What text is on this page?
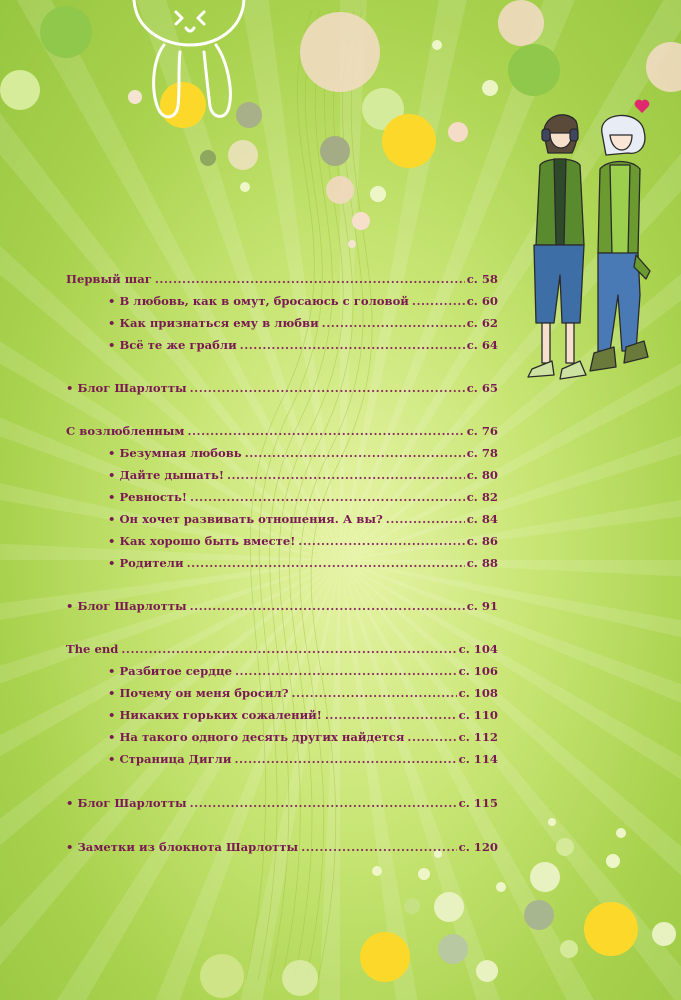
Первый шаг .....	с. 58
• В любовь, как в омут, бросаюсь с головой .....	с. 60
• Как признаться ему в любви .....	с. 62
• Всё те же грабли .....	с. 64
• Блог Шарлотты .....	с. 65
С возлюбленным .....	с. 76
• Безумная любовь .....	с. 78
• Дайте дышать! .....	с. 80
• Ревность! .....	с. 82
• Он хочет развивать отношения. А вы? .....	с. 84
• Как хорошо быть вместе! .....	с. 86
• Родители .....	с. 88
• Блог Шарлотты .....	с. 91
The end .....	с. 104
• Разбитое сердце .....	с. 106
• Почему он меня бросил? .....	с. 108
• Никаких горьких сожалений! .....	с. 110
• На такого одного десять других найдется .....	с. 112
• Страница Дигли .....	с. 114
• Блог Шарлотты .....	с. 115
• Заметки из блокнота Шарлотты .....	с. 120
